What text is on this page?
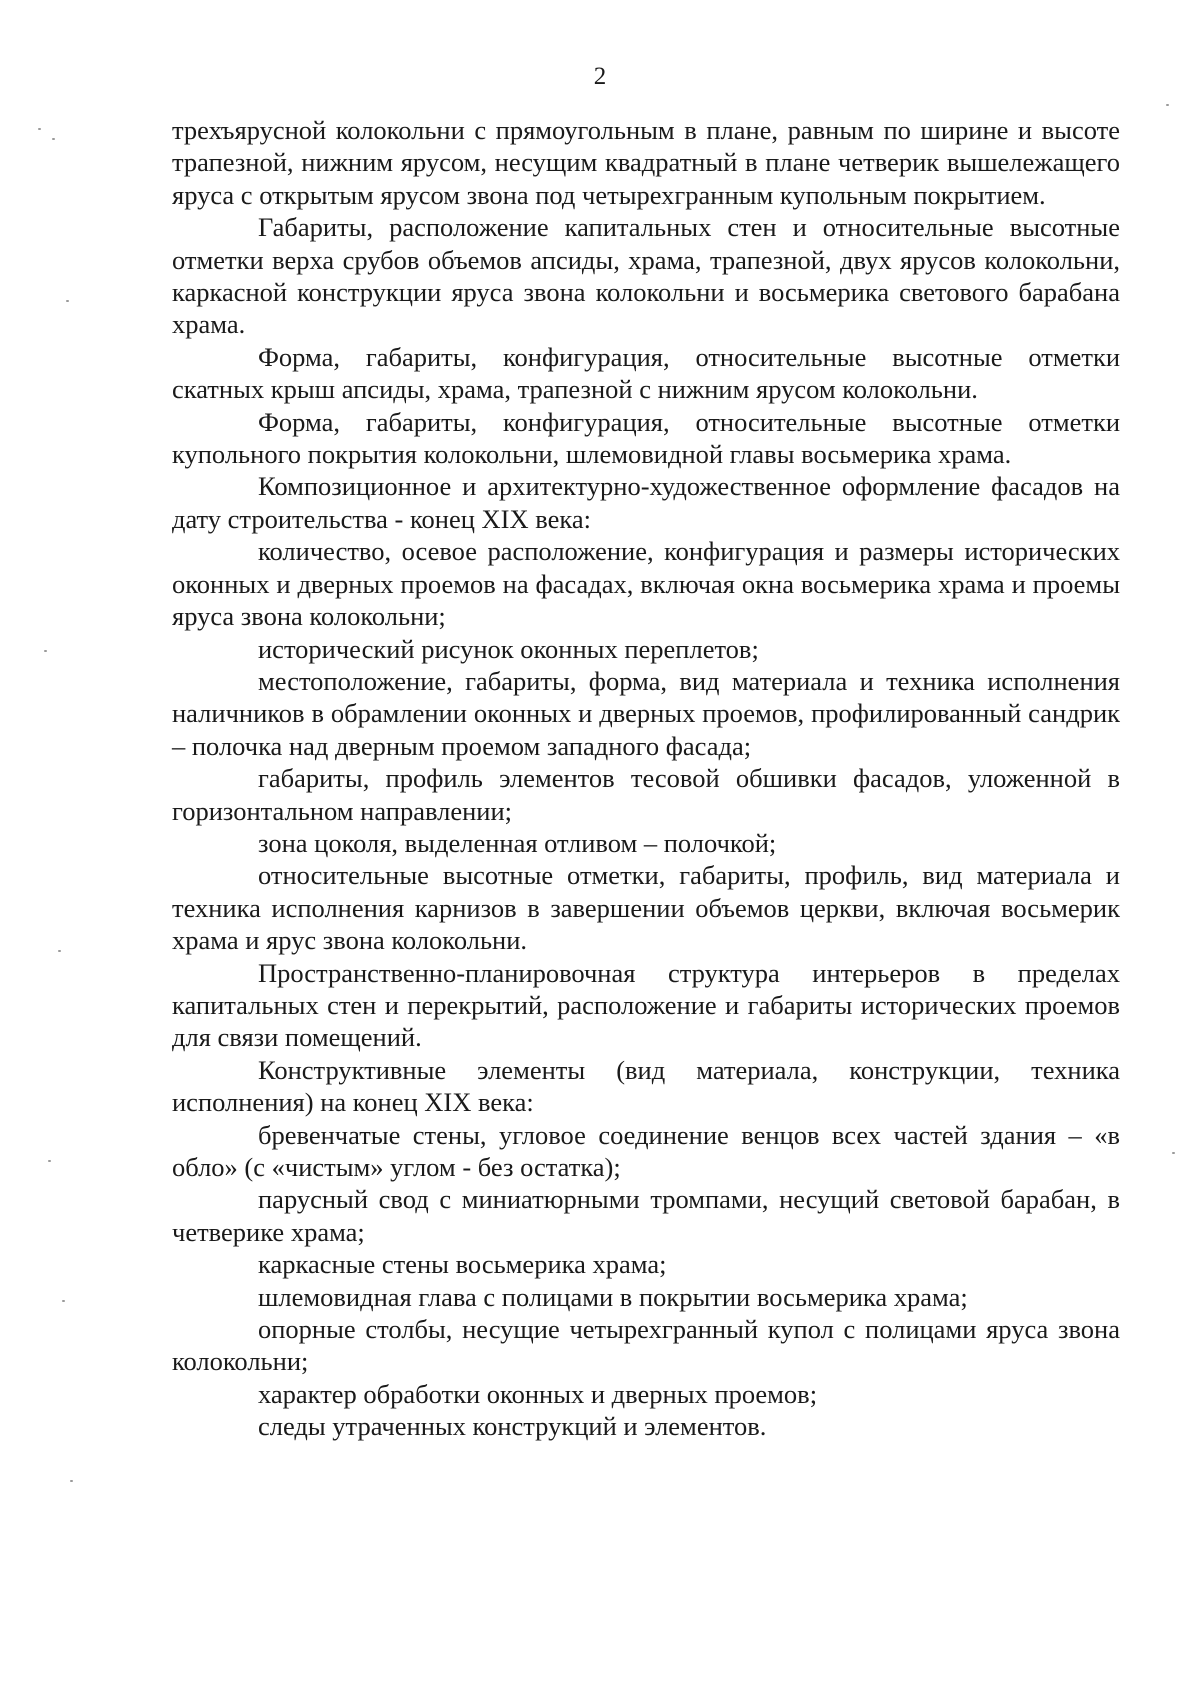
2

трехъярусной колокольни с прямоугольным в плане, равным по ширине и высоте трапезной, нижним ярусом, несущим квадратный в плане четверик вышележащего яруса с открытым ярусом звона под четырехгранным купольным покрытием.

Габариты, расположение капитальных стен и относительные высотные отметки верха срубов объемов апсиды, храма, трапезной, двух ярусов колокольни, каркасной конструкции яруса звона колокольни и восьмерика светового барабана храма.

Форма, габариты, конфигурация, относительные высотные отметки скатных крыш апсиды, храма, трапезной с нижним ярусом колокольни.

Форма, габариты, конфигурация, относительные высотные отметки купольного покрытия колокольни, шлемовидной главы восьмерика храма.

Композиционное и архитектурно-художественное оформление фасадов на дату строительства - конец XIX века:

количество, осевое расположение, конфигурация и размеры исторических оконных и дверных проемов на фасадах, включая окна восьмерика храма и проемы яруса звона колокольни;

исторический рисунок оконных переплетов;

местоположение, габариты, форма, вид материала и техника исполнения наличников в обрамлении оконных и дверных проемов, профилированный сандрик – полочка над дверным проемом западного фасада;

габариты, профиль элементов тесовой обшивки фасадов, уложенной в горизонтальном направлении;

зона цоколя, выделенная отливом – полочкой;

относительные высотные отметки, габариты, профиль, вид материала и техника исполнения карнизов в завершении объемов церкви, включая восьмерик храма и ярус звона колокольни.

Пространственно-планировочная структура интерьеров в пределах капитальных стен и перекрытий, расположение и габариты исторических проемов для связи помещений.

Конструктивные элементы (вид материала, конструкции, техника исполнения) на конец XIX века:

бревенчатые стены, угловое соединение венцов всех частей здания – «в обло» (с «чистым» углом - без остатка);

парусный свод с миниатюрными тромпами, несущий световой барабан, в четверике храма;

каркасные стены восьмерика храма;

шлемовидная глава с полицами в покрытии восьмерика храма;

опорные столбы, несущие четырехгранный купол с полицами яруса звона колокольни;

характер обработки оконных и дверных проемов;

следы утраченных конструкций и элементов.
